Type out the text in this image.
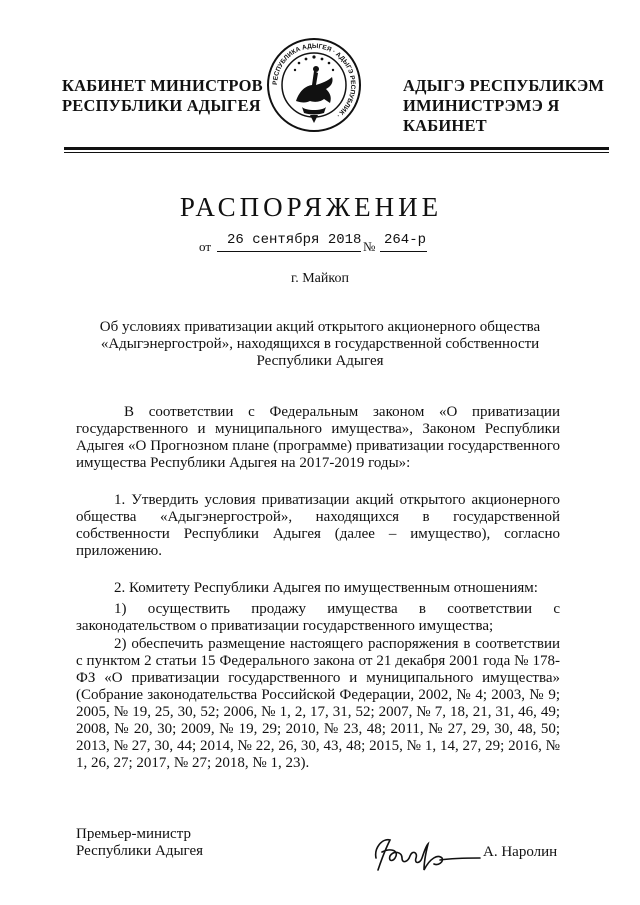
КАБИНЕТ МИНИСТРОВ
РЕСПУБЛИКИ АДЫГЕЯ
РЕСПУБЛИКА АДЫГЕЯ · АДЫГЭ РЕСПУБЛИК ·
АДЫГЭ РЕСПУБЛИКЭМ
ИМИНИСТРЭМЭ Я КАБИНЕТ
РАСПОРЯЖЕНИЕ
от 26 сентября 2018 № 264-р
г. Майкоп
Об условиях приватизации акций открытого акционерного общества «Адыгэнергострой», находящихся в государственной собственности Республики Адыгея
В соответствии с Федеральным законом «О приватизации государственного и муниципального имущества», Законом Республики Адыгея «О Прогнозном плане (программе) приватизации государственного имущества Республики Адыгея на 2017-2019 годы»:
1. Утвердить условия приватизации акций открытого акционерного общества «Адыгэнергострой», находящихся в государственной собственности Республики Адыгея (далее – имущество), согласно приложению.
2. Комитету Республики Адыгея по имущественным отношениям:
1) осуществить продажу имущества в соответствии с
законодательством о приватизации государственного имущества;
2) обеспечить размещение настоящего распоряжения в соответствии с пунктом 2 статьи 15 Федерального закона от 21 декабря 2001 года № 178-ФЗ «О приватизации государственного и муниципального имущества» (Собрание законодательства Российской Федерации, 2002, № 4; 2003, № 9; 2005, № 19, 25, 30, 52; 2006, № 1, 2, 17, 31, 52; 2007, № 7, 18, 21, 31, 46, 49; 2008, № 20, 30; 2009, № 19, 29; 2010, № 23, 48; 2011, № 27, 29, 30, 48, 50; 2013, № 27, 30, 44; 2014, № 22, 26, 30, 43, 48; 2015, № 1, 14, 27, 29; 2016, № 1, 26, 27; 2017, № 27; 2018, № 1, 23).
Премьер-министр
Республики Адыгея	А. Наролин
